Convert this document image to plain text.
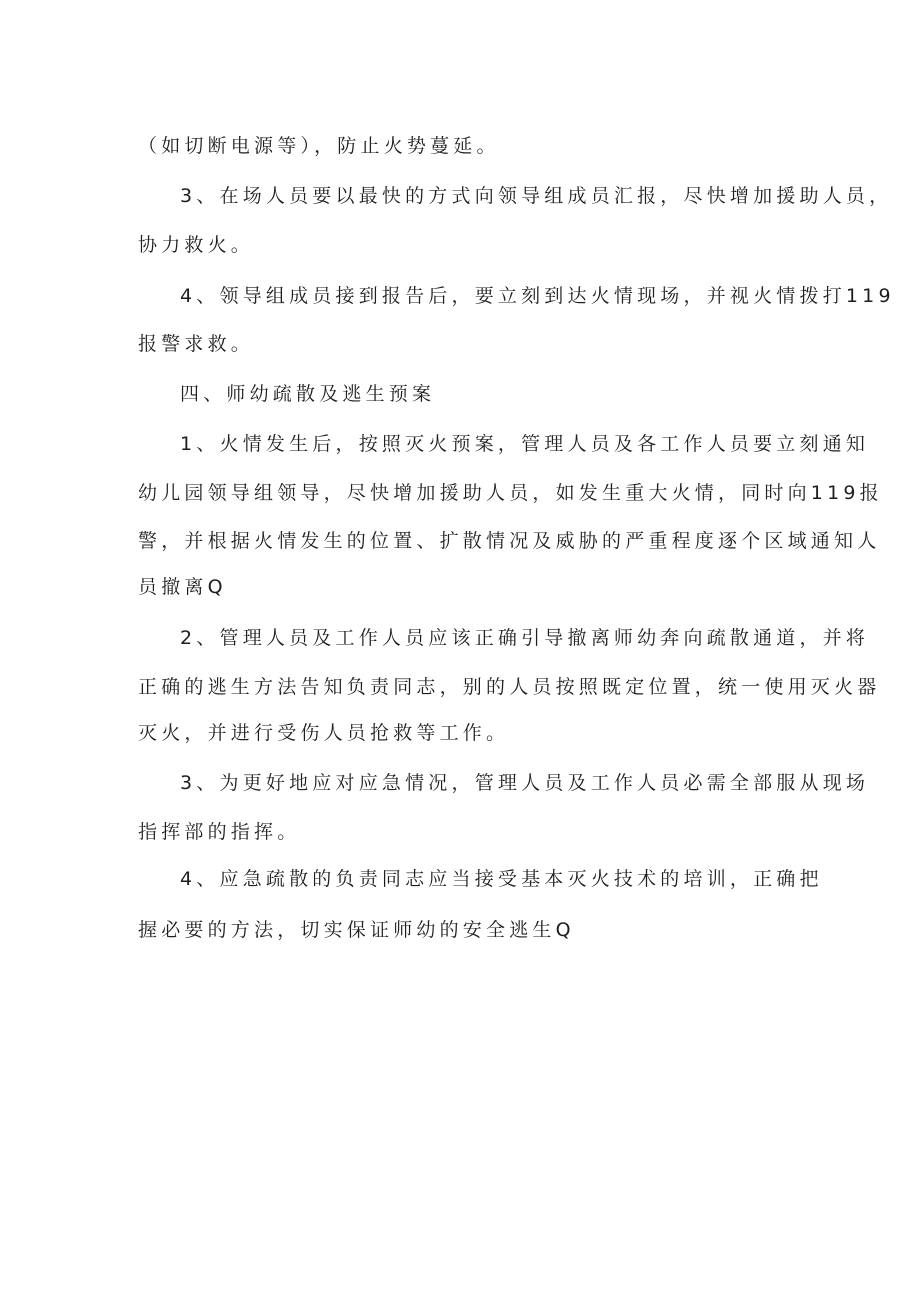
（如切断电源等），防止火势蔓延。

3、在场人员要以最快的方式向领导组成员汇报，尽快增加援助人员，

协力救火。

4、领导组成员接到报告后，要立刻到达火情现场，并视火情拨打119

报警求救。

四、师幼疏散及逃生预案

1、火情发生后，按照灭火预案，管理人员及各工作人员要立刻通知

幼儿园领导组领导，尽快增加援助人员，如发生重大火情，同时向119报

警，并根据火情发生的位置、扩散情况及威胁的严重程度逐个区域通知人

员撤离Q

2、管理人员及工作人员应该正确引导撤离师幼奔向疏散通道，并将

正确的逃生方法告知负责同志，别的人员按照既定位置，统一使用灭火器

灭火，并进行受伤人员抢救等工作。

3、为更好地应对应急情况，管理人员及工作人员必需全部服从现场

指挥部的指挥。

4、应急疏散的负责同志应当接受基本灭火技术的培训，正确把

握必要的方法，切实保证师幼的安全逃生Q
